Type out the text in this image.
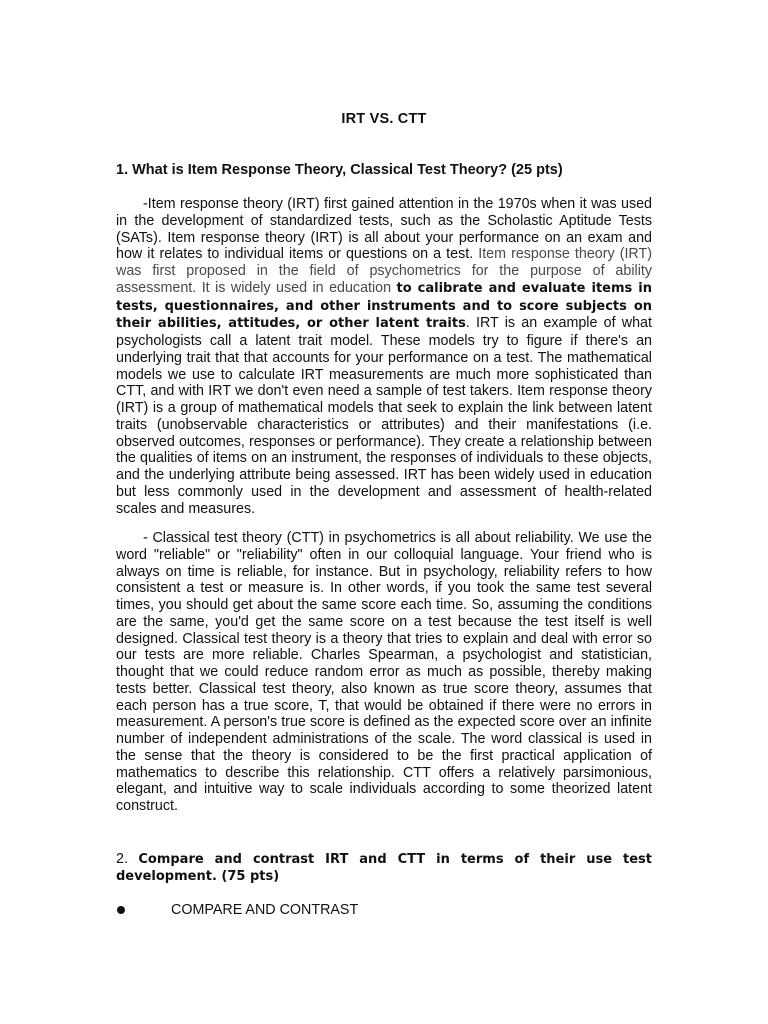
IRT VS. CTT
1. What is Item Response Theory, Classical Test Theory? (25 pts)

-Item response theory (IRT) first gained attention in the 1970s when it was used in the development of standardized tests, such as the Scholastic Aptitude Tests (SATs). Item response theory (IRT) is all about your performance on an exam and how it relates to individual items or questions on a test. Item response theory (IRT) was first proposed in the field of psychometrics for the purpose of ability assessment. It is widely used in education to calibrate and evaluate items in tests, questionnaires, and other instruments and to score subjects on their abilities, attitudes, or other latent traits. IRT is an example of what psychologists call a latent trait model. These models try to figure if there's an underlying trait that that accounts for your performance on a test. The mathematical models we use to calculate IRT measurements are much more sophisticated than CTT, and with IRT we don't even need a sample of test takers. Item response theory (IRT) is a group of mathematical models that seek to explain the link between latent traits (unobservable characteristics or attributes) and their manifestations (i.e. observed outcomes, responses or performance). They create a relationship between the qualities of items on an instrument, the responses of individuals to these objects, and the underlying attribute being assessed. IRT has been widely used in education but less commonly used in the development and assessment of health-related scales and measures.

- Classical test theory (CTT) in psychometrics is all about reliability. We use the word "reliable" or "reliability" often in our colloquial language. Your friend who is always on time is reliable, for instance. But in psychology, reliability refers to how consistent a test or measure is. In other words, if you took the same test several times, you should get about the same score each time. So, assuming the conditions are the same, you'd get the same score on a test because the test itself is well designed. Classical test theory is a theory that tries to explain and deal with error so our tests are more reliable. Charles Spearman, a psychologist and statistician, thought that we could reduce random error as much as possible, thereby making tests better. Classical test theory, also known as true score theory, assumes that each person has a true score, T, that would be obtained if there were no errors in measurement. A person's true score is defined as the expected score over an infinite number of independent administrations of the scale. The word classical is used in the sense that the theory is considered to be the first practical application of mathematics to describe this relationship. CTT offers a relatively parsimonious, elegant, and intuitive way to scale individuals according to some theorized latent construct.

2. Compare and contrast IRT and CTT in terms of their use test development. (75 pts)
COMPARE AND CONTRAST
